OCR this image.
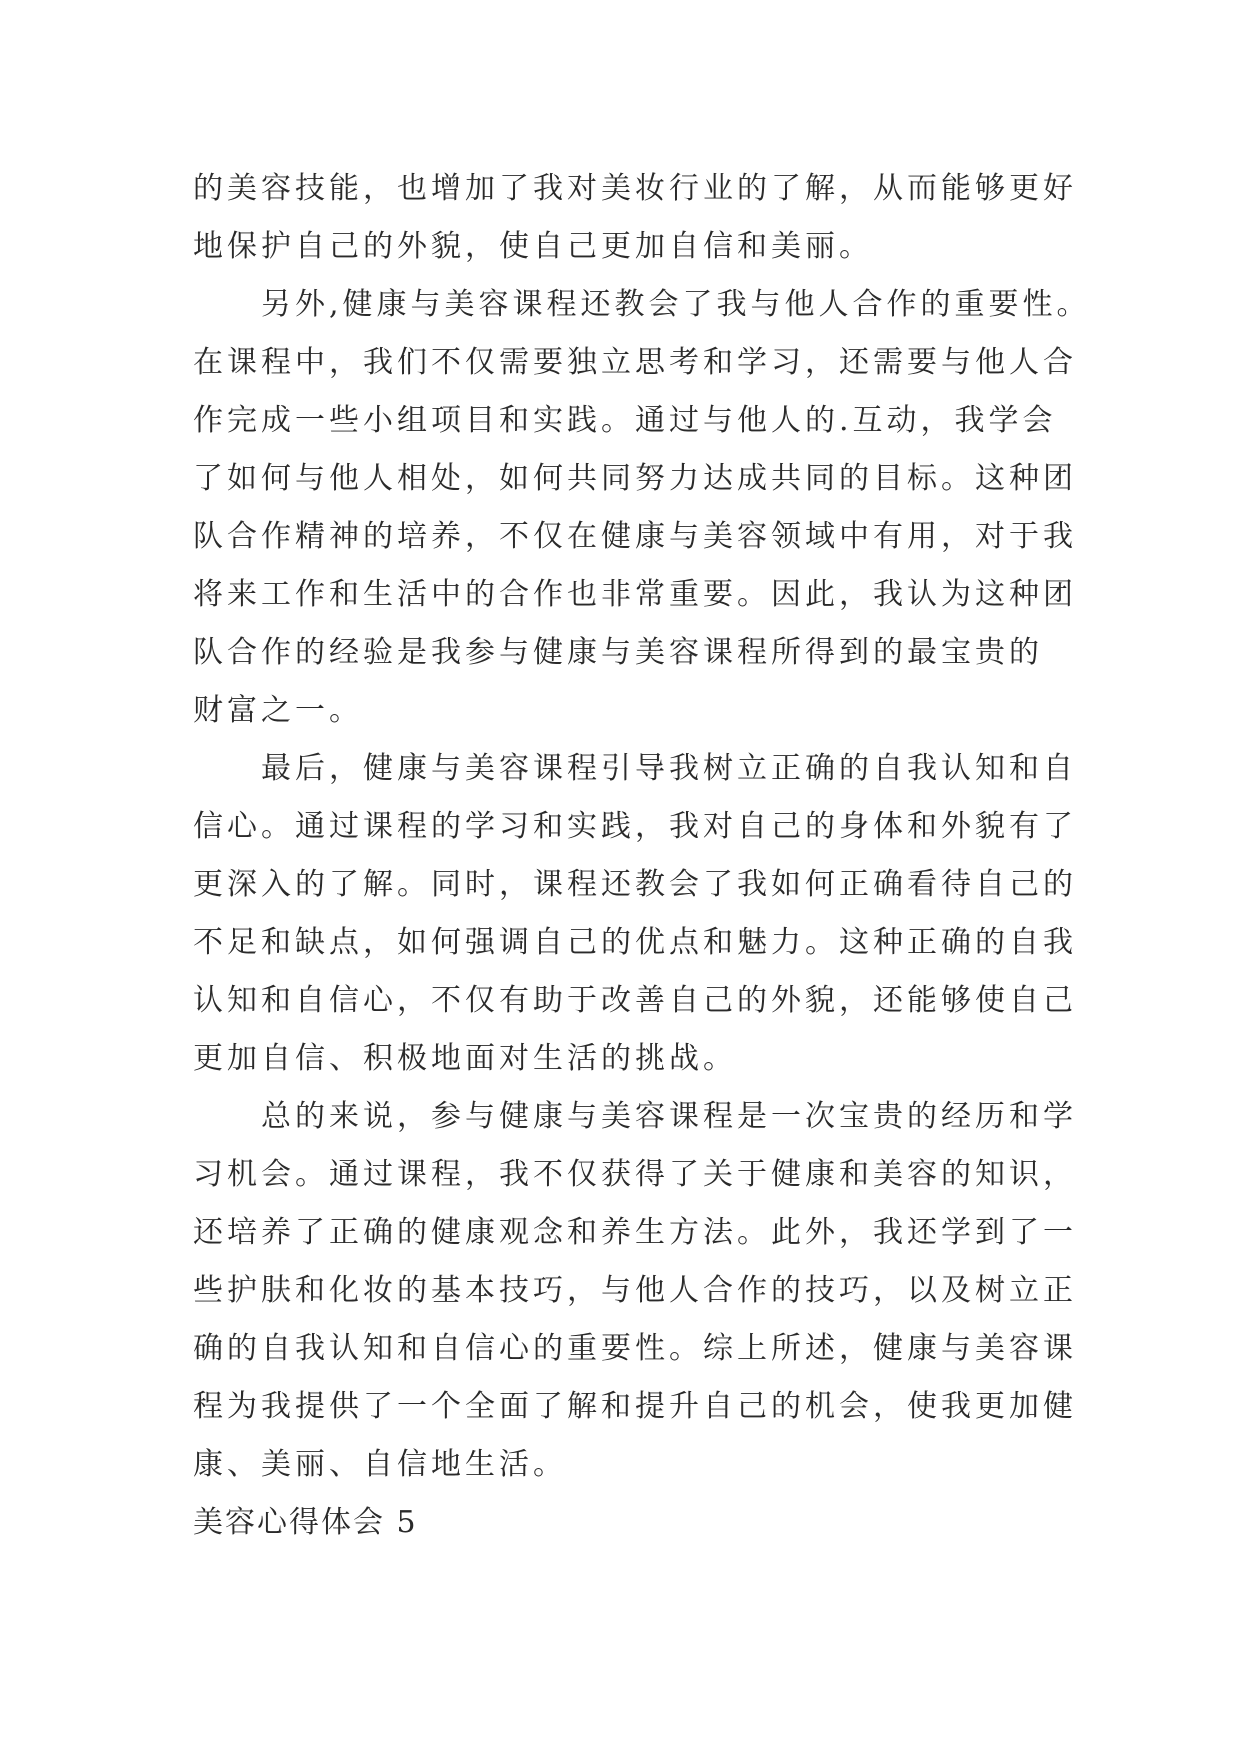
的美容技能，也增加了我对美妆行业的了解，从而能够更好
地保护自己的外貌，使自己更加自信和美丽。
另外,健康与美容课程还教会了我与他人合作的重要性。
在课程中，我们不仅需要独立思考和学习，还需要与他人合
作完成一些小组项目和实践。通过与他人的.互动，我学会
了如何与他人相处，如何共同努力达成共同的目标。这种团
队合作精神的培养，不仅在健康与美容领域中有用，对于我
将来工作和生活中的合作也非常重要。因此，我认为这种团
队合作的经验是我参与健康与美容课程所得到的最宝贵的
财富之一。
最后，健康与美容课程引导我树立正确的自我认知和自
信心。通过课程的学习和实践，我对自己的身体和外貌有了
更深入的了解。同时，课程还教会了我如何正确看待自己的
不足和缺点，如何强调自己的优点和魅力。这种正确的自我
认知和自信心，不仅有助于改善自己的外貌，还能够使自己
更加自信、积极地面对生活的挑战。
总的来说，参与健康与美容课程是一次宝贵的经历和学
习机会。通过课程，我不仅获得了关于健康和美容的知识，
还培养了正确的健康观念和养生方法。此外，我还学到了一
些护肤和化妆的基本技巧，与他人合作的技巧，以及树立正
确的自我认知和自信心的重要性。综上所述，健康与美容课
程为我提供了一个全面了解和提升自己的机会，使我更加健
康、美丽、自信地生活。
美容心得体会 5
